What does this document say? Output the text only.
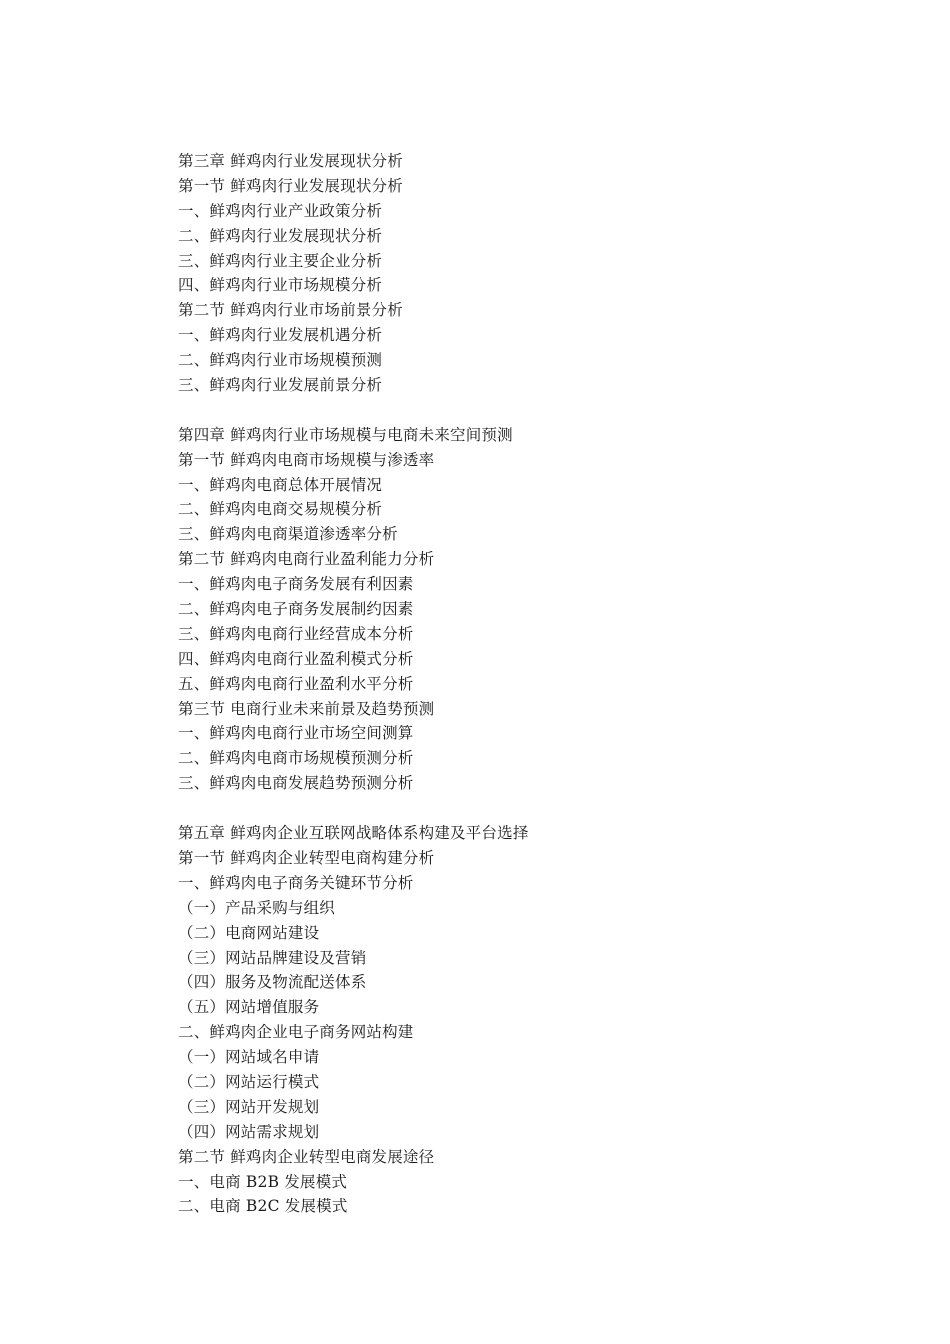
第三章 鲜鸡肉行业发展现状分析
第一节 鲜鸡肉行业发展现状分析
一、鲜鸡肉行业产业政策分析
二、鲜鸡肉行业发展现状分析
三、鲜鸡肉行业主要企业分析
四、鲜鸡肉行业市场规模分析
第二节 鲜鸡肉行业市场前景分析
一、鲜鸡肉行业发展机遇分析
二、鲜鸡肉行业市场规模预测
三、鲜鸡肉行业发展前景分析
第四章 鲜鸡肉行业市场规模与电商未来空间预测
第一节 鲜鸡肉电商市场规模与渗透率
一、鲜鸡肉电商总体开展情况
二、鲜鸡肉电商交易规模分析
三、鲜鸡肉电商渠道渗透率分析
第二节 鲜鸡肉电商行业盈利能力分析
一、鲜鸡肉电子商务发展有利因素
二、鲜鸡肉电子商务发展制约因素
三、鲜鸡肉电商行业经营成本分析
四、鲜鸡肉电商行业盈利模式分析
五、鲜鸡肉电商行业盈利水平分析
第三节 电商行业未来前景及趋势预测
一、鲜鸡肉电商行业市场空间测算
二、鲜鸡肉电商市场规模预测分析
三、鲜鸡肉电商发展趋势预测分析
第五章 鲜鸡肉企业互联网战略体系构建及平台选择
第一节 鲜鸡肉企业转型电商构建分析
一、鲜鸡肉电子商务关键环节分析
（一）产品采购与组织
（二）电商网站建设
（三）网站品牌建设及营销
（四）服务及物流配送体系
（五）网站增值服务
二、鲜鸡肉企业电子商务网站构建
（一）网站域名申请
（二）网站运行模式
（三）网站开发规划
（四）网站需求规划
第二节 鲜鸡肉企业转型电商发展途径
一、电商 B2B 发展模式
二、电商 B2C 发展模式
